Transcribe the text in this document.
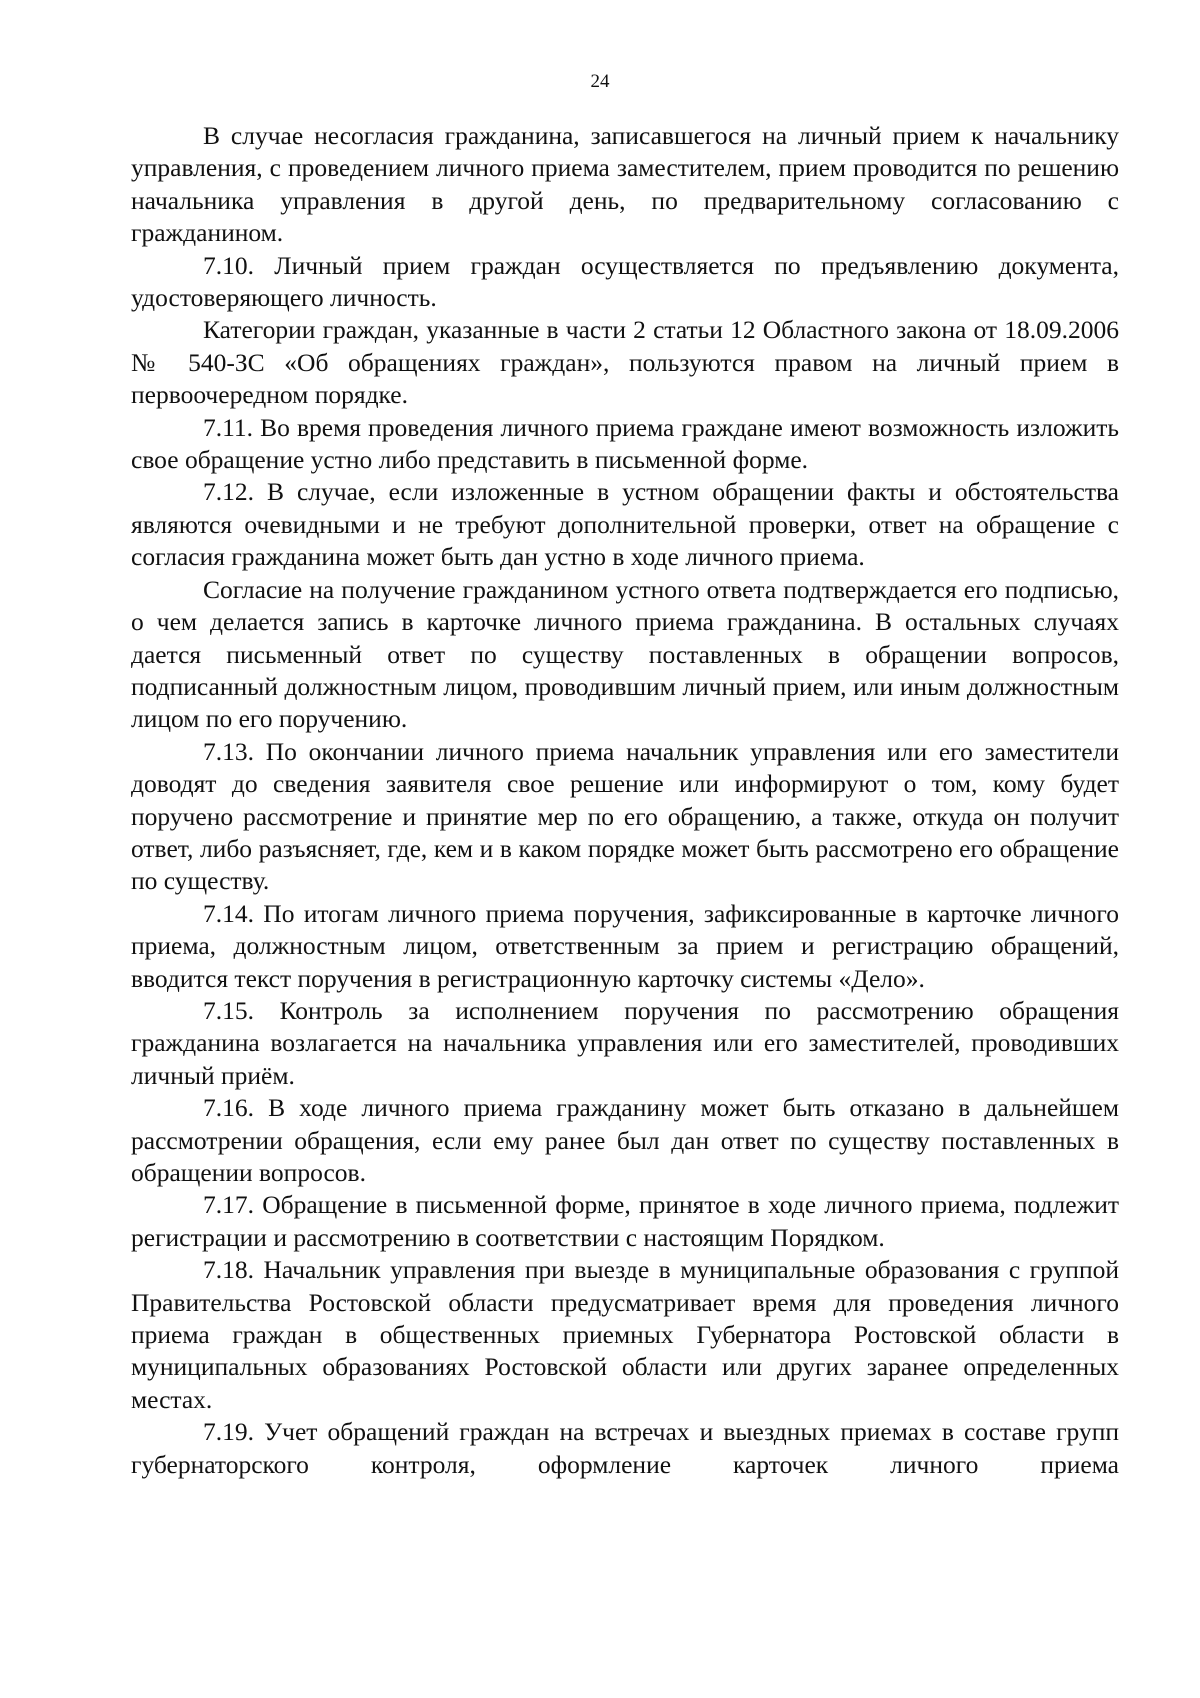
24

В случае несогласия гражданина, записавшегося на личный прием к начальнику управления, с проведением личного приема заместителем, прием проводится по решению начальника управления в другой день, по предварительному согласованию с гражданином.

7.10. Личный прием граждан осуществляется по предъявлению документа, удостоверяющего личность.

Категории граждан, указанные в части 2 статьи 12 Областного закона от 18.09.2006 № 540-ЗС «Об обращениях граждан», пользуются правом на личный прием в первоочередном порядке.

7.11. Во время проведения личного приема граждане имеют возможность изложить свое обращение устно либо представить в письменной форме.

7.12. В случае, если изложенные в устном обращении факты и обстоятельства являются очевидными и не требуют дополнительной проверки, ответ на обращение с согласия гражданина может быть дан устно в ходе личного приема.

Согласие на получение гражданином устного ответа подтверждается его подписью, о чем делается запись в карточке личного приема гражданина. В остальных случаях дается письменный ответ по существу поставленных в обращении вопросов, подписанный должностным лицом, проводившим личный прием, или иным должностным лицом по его поручению.

7.13. По окончании личного приема начальник управления или его заместители доводят до сведения заявителя свое решение или информируют о том, кому будет поручено рассмотрение и принятие мер по его обращению, а также, откуда он получит ответ, либо разъясняет, где, кем и в каком порядке может быть рассмотрено его обращение по существу.

7.14. По итогам личного приема поручения, зафиксированные в карточке личного приема, должностным лицом, ответственным за прием и регистрацию обращений, вводится текст поручения в регистрационную карточку системы «Дело».

7.15. Контроль за исполнением поручения по рассмотрению обращения гражданина возлагается на начальника управления или его заместителей, проводивших личный приём.

7.16. В ходе личного приема гражданину может быть отказано в дальнейшем рассмотрении обращения, если ему ранее был дан ответ по существу поставленных в обращении вопросов.

7.17. Обращение в письменной форме, принятое в ходе личного приема, подлежит регистрации и рассмотрению в соответствии с настоящим Порядком.

7.18. Начальник управления при выезде в муниципальные образования с группой Правительства Ростовской области предусматривает время для проведения личного приема граждан в общественных приемных Губернатора Ростовской области в муниципальных образованиях Ростовской области или других заранее определенных местах.

7.19. Учет обращений граждан на встречах и выездных приемах в составе групп губернаторского контроля, оформление карточек личного приема
